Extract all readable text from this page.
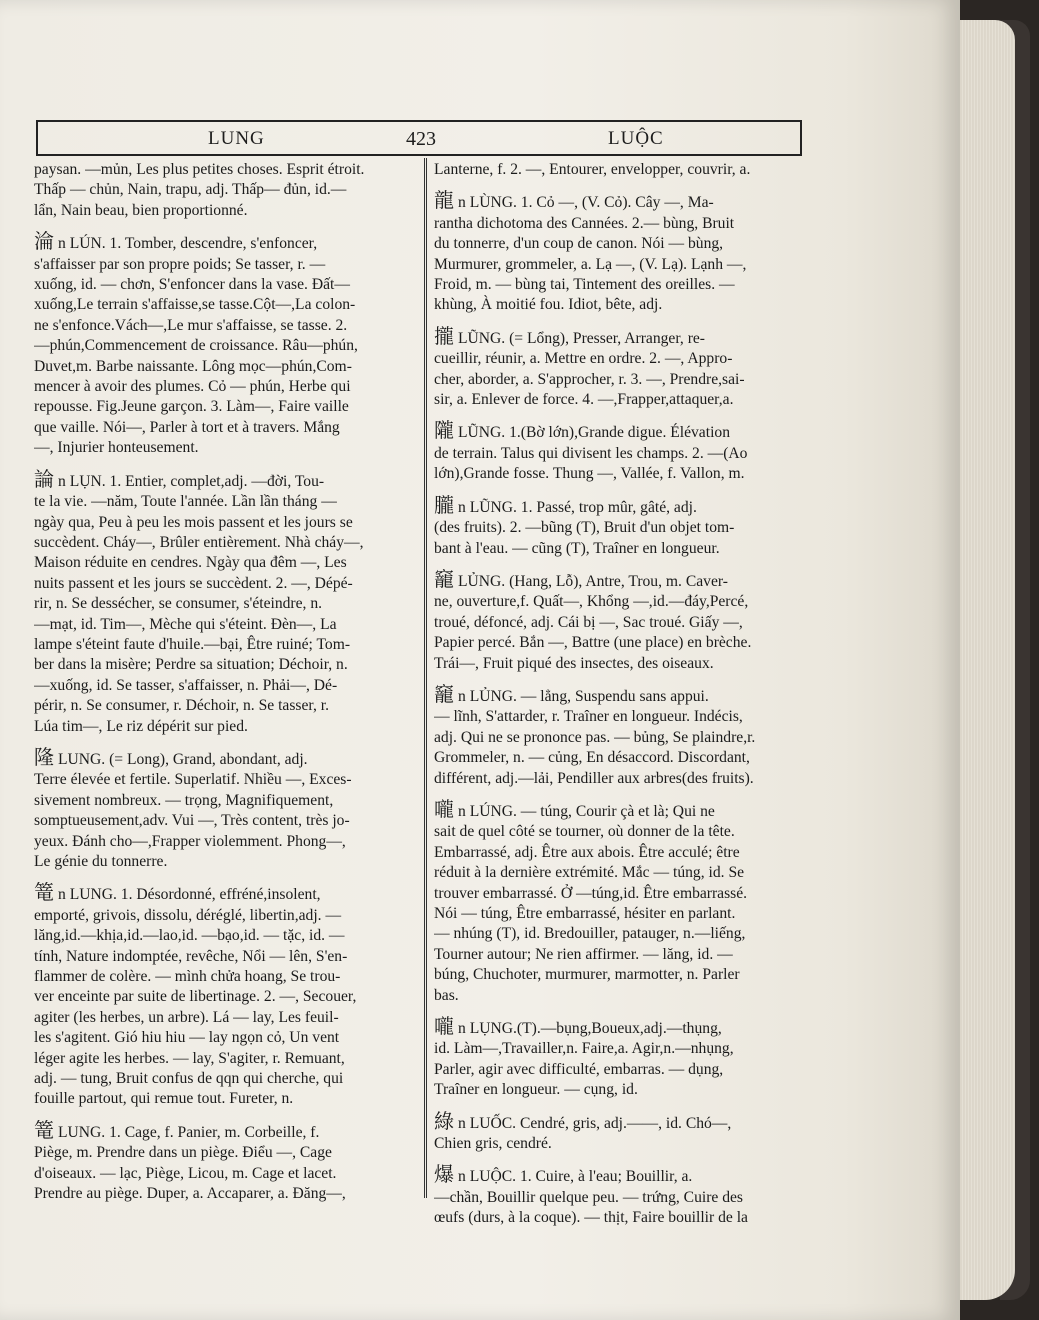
LUNG	423	LUỘC
paysan. —mủn, Les plus petites choses. Esprit étroit.
Thấp — chủn, Nain, trapu, adj. Thấp— đủn, id.—
lẩn, Nain beau, bien proportionné.
淪 n LÚN. 1. Tomber, descendre, s'enfoncer,
s'affaisser par son propre poids; Se tasser, r. —
xuống, id. — chơn, S'enfoncer dans la vase. Đất—
xuống,Le terrain s'affaisse,se tasse.Cột—,La colon-
ne s'enfonce.Vách—,Le mur s'affaisse, se tasse. 2.
—phún,Commencement de croissance. Râu—phún,
Duvet,m. Barbe naissante. Lông mọc—phún,Com-
mencer à avoir des plumes. Cỏ — phún, Herbe qui
repousse. Fig.Jeune garçon. 3. Làm—, Faire vaille
que vaille. Nói—, Parler à tort et à travers. Mắng
—, Injurier honteusement.
論 n LỤN. 1. Entier, complet,adj. —đời, Tou-
te la vie. —năm, Toute l'année. Lần lần tháng —
ngày qua, Peu à peu les mois passent et les jours se
succèdent. Cháy—, Brûler entièrement. Nhà cháy—,
Maison réduite en cendres. Ngày qua đêm —, Les
nuits passent et les jours se succèdent. 2. —, Dépé-
rir, n. Se dessécher, se consumer, s'éteindre, n.
—mạt, id. Tim—, Mèche qui s'éteint. Đèn—, La
lampe s'éteint faute d'huile.—bại, Être ruiné; Tom-
ber dans la misère; Perdre sa situation; Déchoir, n.
—xuống, id. Se tasser, s'affaisser, n. Phải—, Dé-
périr, n. Se consumer, r. Déchoir, n. Se tasser, r.
Lúa tim—, Le riz dépérit sur pied.
隆 LUNG. (= Long), Grand, abondant, adj.
Terre élevée et fertile. Superlatif. Nhiều —, Exces-
sivement nombreux. — trọng, Magnifiquement,
somptueusement,adv. Vui —, Très content, très jo-
yeux. Đánh cho—,Frapper violemment. Phong—,
Le génie du tonnerre.
篭 n LUNG. 1. Désordonné, effréné,insolent,
emporté, grivois, dissolu, déréglé, libertin,adj. —
lăng,id.—khịa,id.—lao,id. —bạo,id. — tặc, id. —
tính, Nature indomptée, revêche, Nổi — lên, S'en-
flammer de colère. — mình chửa hoang, Se trou-
ver enceinte par suite de libertinage. 2. —, Secouer,
agiter (les herbes, un arbre). Lá — lay, Les feuil-
les s'agitent. Gió hiu hiu — lay ngọn cỏ, Un vent
léger agite les herbes. — lay, S'agiter, r. Remuant,
adj. — tung, Bruit confus de qqn qui cherche, qui
fouille partout, qui remue tout. Fureter, n.
篭 LUNG. 1. Cage, f. Panier, m. Corbeille, f.
Piège, m. Prendre dans un piège. Điểu —, Cage
d'oiseaux. — lạc, Piège, Licou, m. Cage et lacet.
Prendre au piège. Duper, a. Accaparer, a. Đăng—,
Lanterne, f. 2. —, Entourer, envelopper, couvrir, a.
龍 n LÙNG. 1. Cỏ —, (V. Cỏ). Cây —, Ma-
rantha dichotoma des Cannées. 2.— bùng, Bruit
du tonnerre, d'un coup de canon. Nói — bùng,
Murmurer, grommeler, a. Lạ —, (V. Lạ). Lạnh —,
Froid, m. — bùng tai, Tintement des oreilles. —
khùng, À moitié fou. Idiot, bête, adj.
攏 LŨNG. (= Lổng), Presser, Arranger, re-
cueillir, réunir, a. Mettre en ordre. 2. —, Appro-
cher, aborder, a. S'approcher, r. 3. —, Prendre,sai-
sir, a. Enlever de force. 4. —,Frapper,attaquer,a.
隴 LŨNG. 1.(Bờ lớn),Grande digue. Élévation
de terrain. Talus qui divisent les champs. 2. —(Ao
lớn),Grande fosse. Thung —, Vallée, f. Vallon, m.
朧 n LŨNG. 1. Passé, trop mûr, gâté, adj.
(des fruits). 2. —bũng (T), Bruit d'un objet tom-
bant à l'eau. — cũng (T), Traîner en longueur.
竉 LỦNG. (Hang, Lỗ), Antre, Trou, m. Caver-
ne, ouverture,f. Quất—, Khổng —,id.—đáy,Percé,
troué, défoncé, adj. Cái bị —, Sac troué. Giấy —,
Papier percé. Bắn —, Battre (une place) en brèche.
Trái—, Fruit piqué des insectes, des oiseaux.
竉 n LỦNG. — lẳng, Suspendu sans appui.
— lĩnh, S'attarder, r. Traîner en longueur. Indécis,
adj. Qui ne se prononce pas. — bủng, Se plaindre,r.
Grommeler, n. — củng, En désaccord. Discordant,
différent, adj.—lải, Pendiller aux arbres(des fruits).
嚨 n LÚNG. — túng, Courir çà et là; Qui ne
sait de quel côté se tourner, où donner de la tête.
Embarrassé, adj. Être aux abois. Être acculé; être
réduit à la dernière extrémité. Mắc — túng, id. Se
trouver embarrassé. Ở —túng,id. Être embarrassé.
Nói — túng, Être embarrassé, hésiter en parlant.
— nhúng (T), id. Bredouiller, patauger, n.—liếng,
Tourner autour; Ne rien affirmer. — lăng, id. —
búng, Chuchoter, murmurer, marmotter, n. Parler
bas.
嚨 n LỤNG.(T).—bụng,Boueux,adj.—thụng,
id. Làm—,Travailler,n. Faire,a. Agir,n.—nhụng,
Parler, agir avec difficulté, embarras. — dụng,
Traîner en longueur. — cụng, id.
綠 n LUỐC. Cendré, gris, adj.——, id. Chó—,
Chien gris, cendré.
爆 n LUỘC. 1. Cuire, à l'eau; Bouillir, a.
—chần, Bouillir quelque peu. — trứng, Cuire des
œufs (durs, à la coque). — thịt, Faire bouillir de la
